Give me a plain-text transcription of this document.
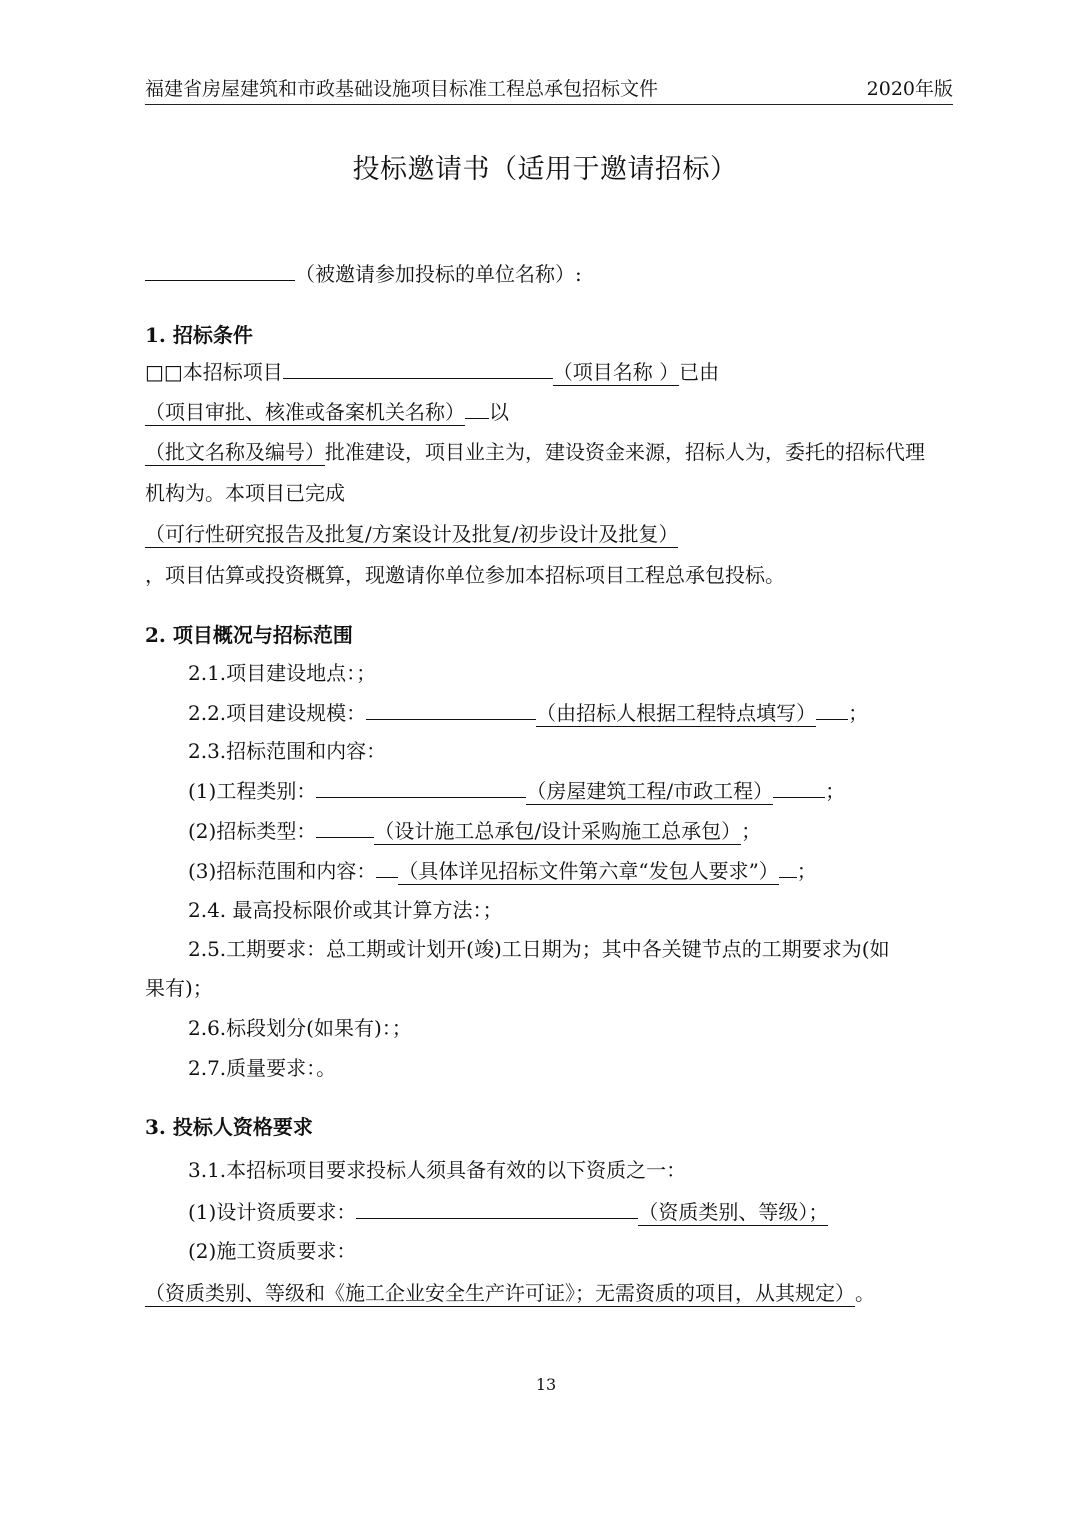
福建省房屋建筑和市政基础设施项目标准工程总承包招标文件	2020年版
投标邀请书（适用于邀请招标）
（被邀请参加投标的单位名称）:
1. 招标条件
□□本招标项目	（项目名称 ）已由
（项目审批、核准或备案机关名称） 以
（批文名称及编号）批准建设，项目业主为，建设资金来源，招标人为，委托的招标代理
机构为。本项目已完成
（可行性研究报告及批复/方案设计及批复/初步设计及批复）
，项目估算或投资概算，现邀请你单位参加本招标项目工程总承包投标。
2. 项目概况与招标范围
2.1.项目建设地点：；
2.2.项目建设规模：	（由招标人根据工程特点填写） ；
2.3.招标范围和内容：
(1)工程类别：	（房屋建筑工程/市政工程）	；
(2)招标类型：	（设计施工总承包/设计采购施工总承包）；
(3)招标范围和内容： （具体详见招标文件第六章“发包人要求”） ；
2.4. 最高投标限价或其计算方法：；
2.5.工期要求：总工期或计划开(竣)工日期为；其中各关键节点的工期要求为(如
果有)；
2.6.标段划分(如果有)：；
2.7.质量要求：。
3. 投标人资格要求
3.1.本招标项目要求投标人须具备有效的以下资质之一：
(1)设计资质要求：	（资质类别、等级）；
(2)施工资质要求：
（资质类别、等级和《施工企业安全生产许可证》；无需资质的项目，从其规定）。
13
